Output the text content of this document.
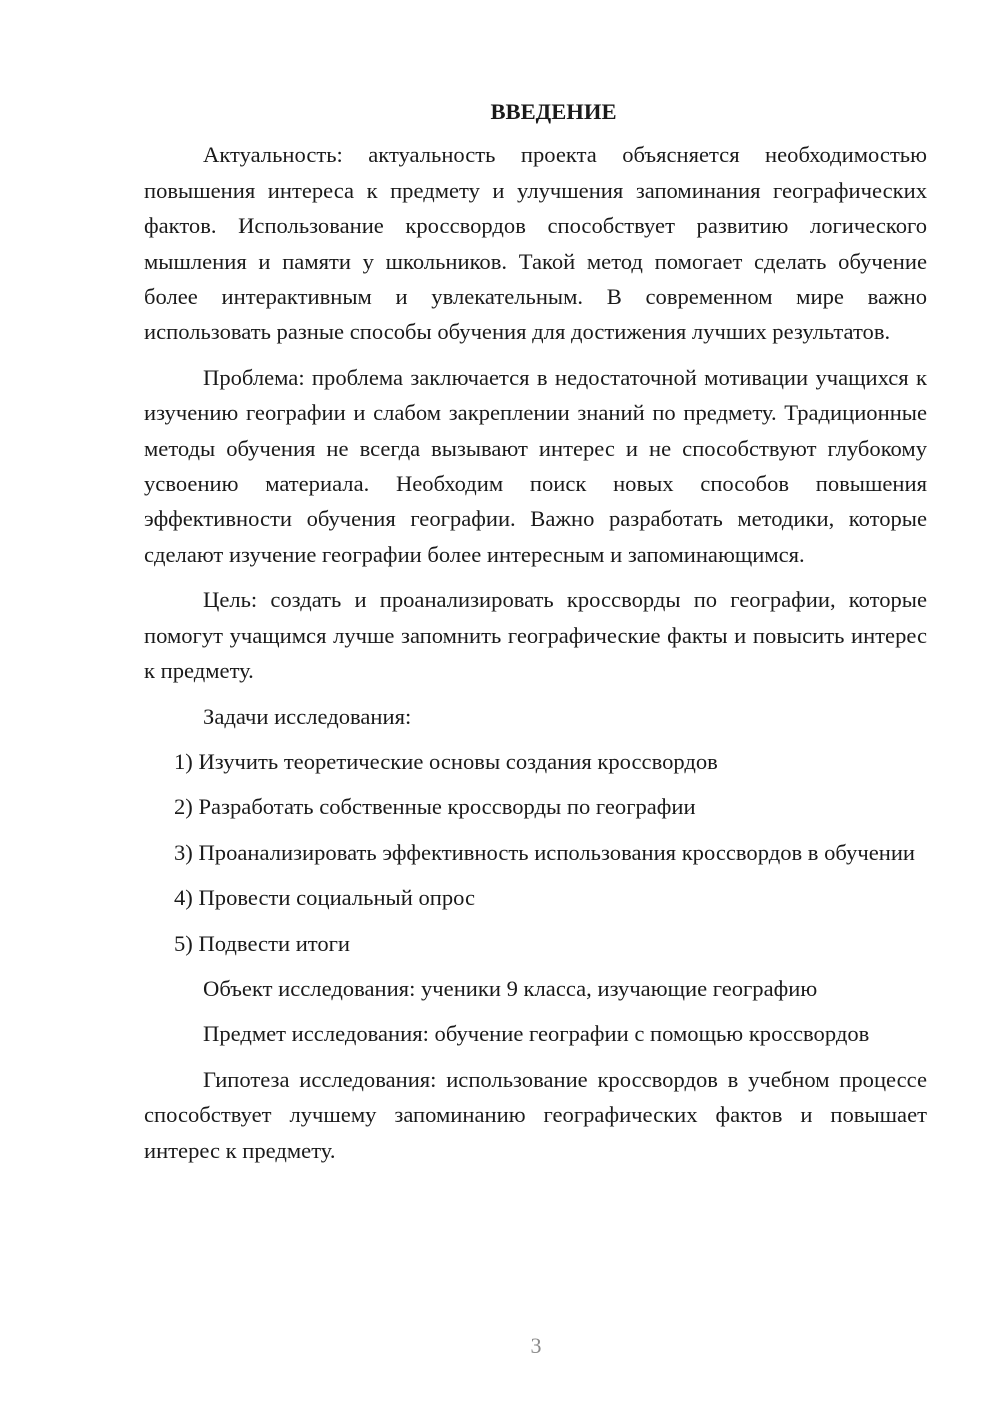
ВВЕДЕНИЕ

Актуальность: актуальность проекта объясняется необходимостью повышения интереса к предмету и улучшения запоминания географических фактов. Использование кроссвордов способствует развитию логического мышления и памяти у школьников. Такой метод помогает сделать обучение более интерактивным и увлекательным. В современном мире важно использовать разные способы обучения для достижения лучших результатов.

Проблема: проблема заключается в недостаточной мотивации учащихся к изучению географии и слабом закреплении знаний по предмету. Традиционные методы обучения не всегда вызывают интерес и не способствуют глубокому усвоению материала. Необходим поиск новых способов повышения эффективности обучения географии. Важно разработать методики, которые сделают изучение географии более интересным и запоминающимся.

Цель: создать и проанализировать кроссворды по географии, которые помогут учащимся лучше запомнить географические факты и повысить интерес к предмету.

Задачи исследования:

1) Изучить теоретические основы создания кроссвордов

2) Разработать собственные кроссворды по географии

3) Проанализировать эффективность использования кроссвордов в обучении

4) Провести социальный опрос

5) Подвести итоги

Объект исследования: ученики 9 класса, изучающие географию

Предмет исследования: обучение географии с помощью кроссвордов

Гипотеза исследования: использование кроссвордов в учебном процессе способствует лучшему запоминанию географических фактов и повышает интерес к предмету.

3
